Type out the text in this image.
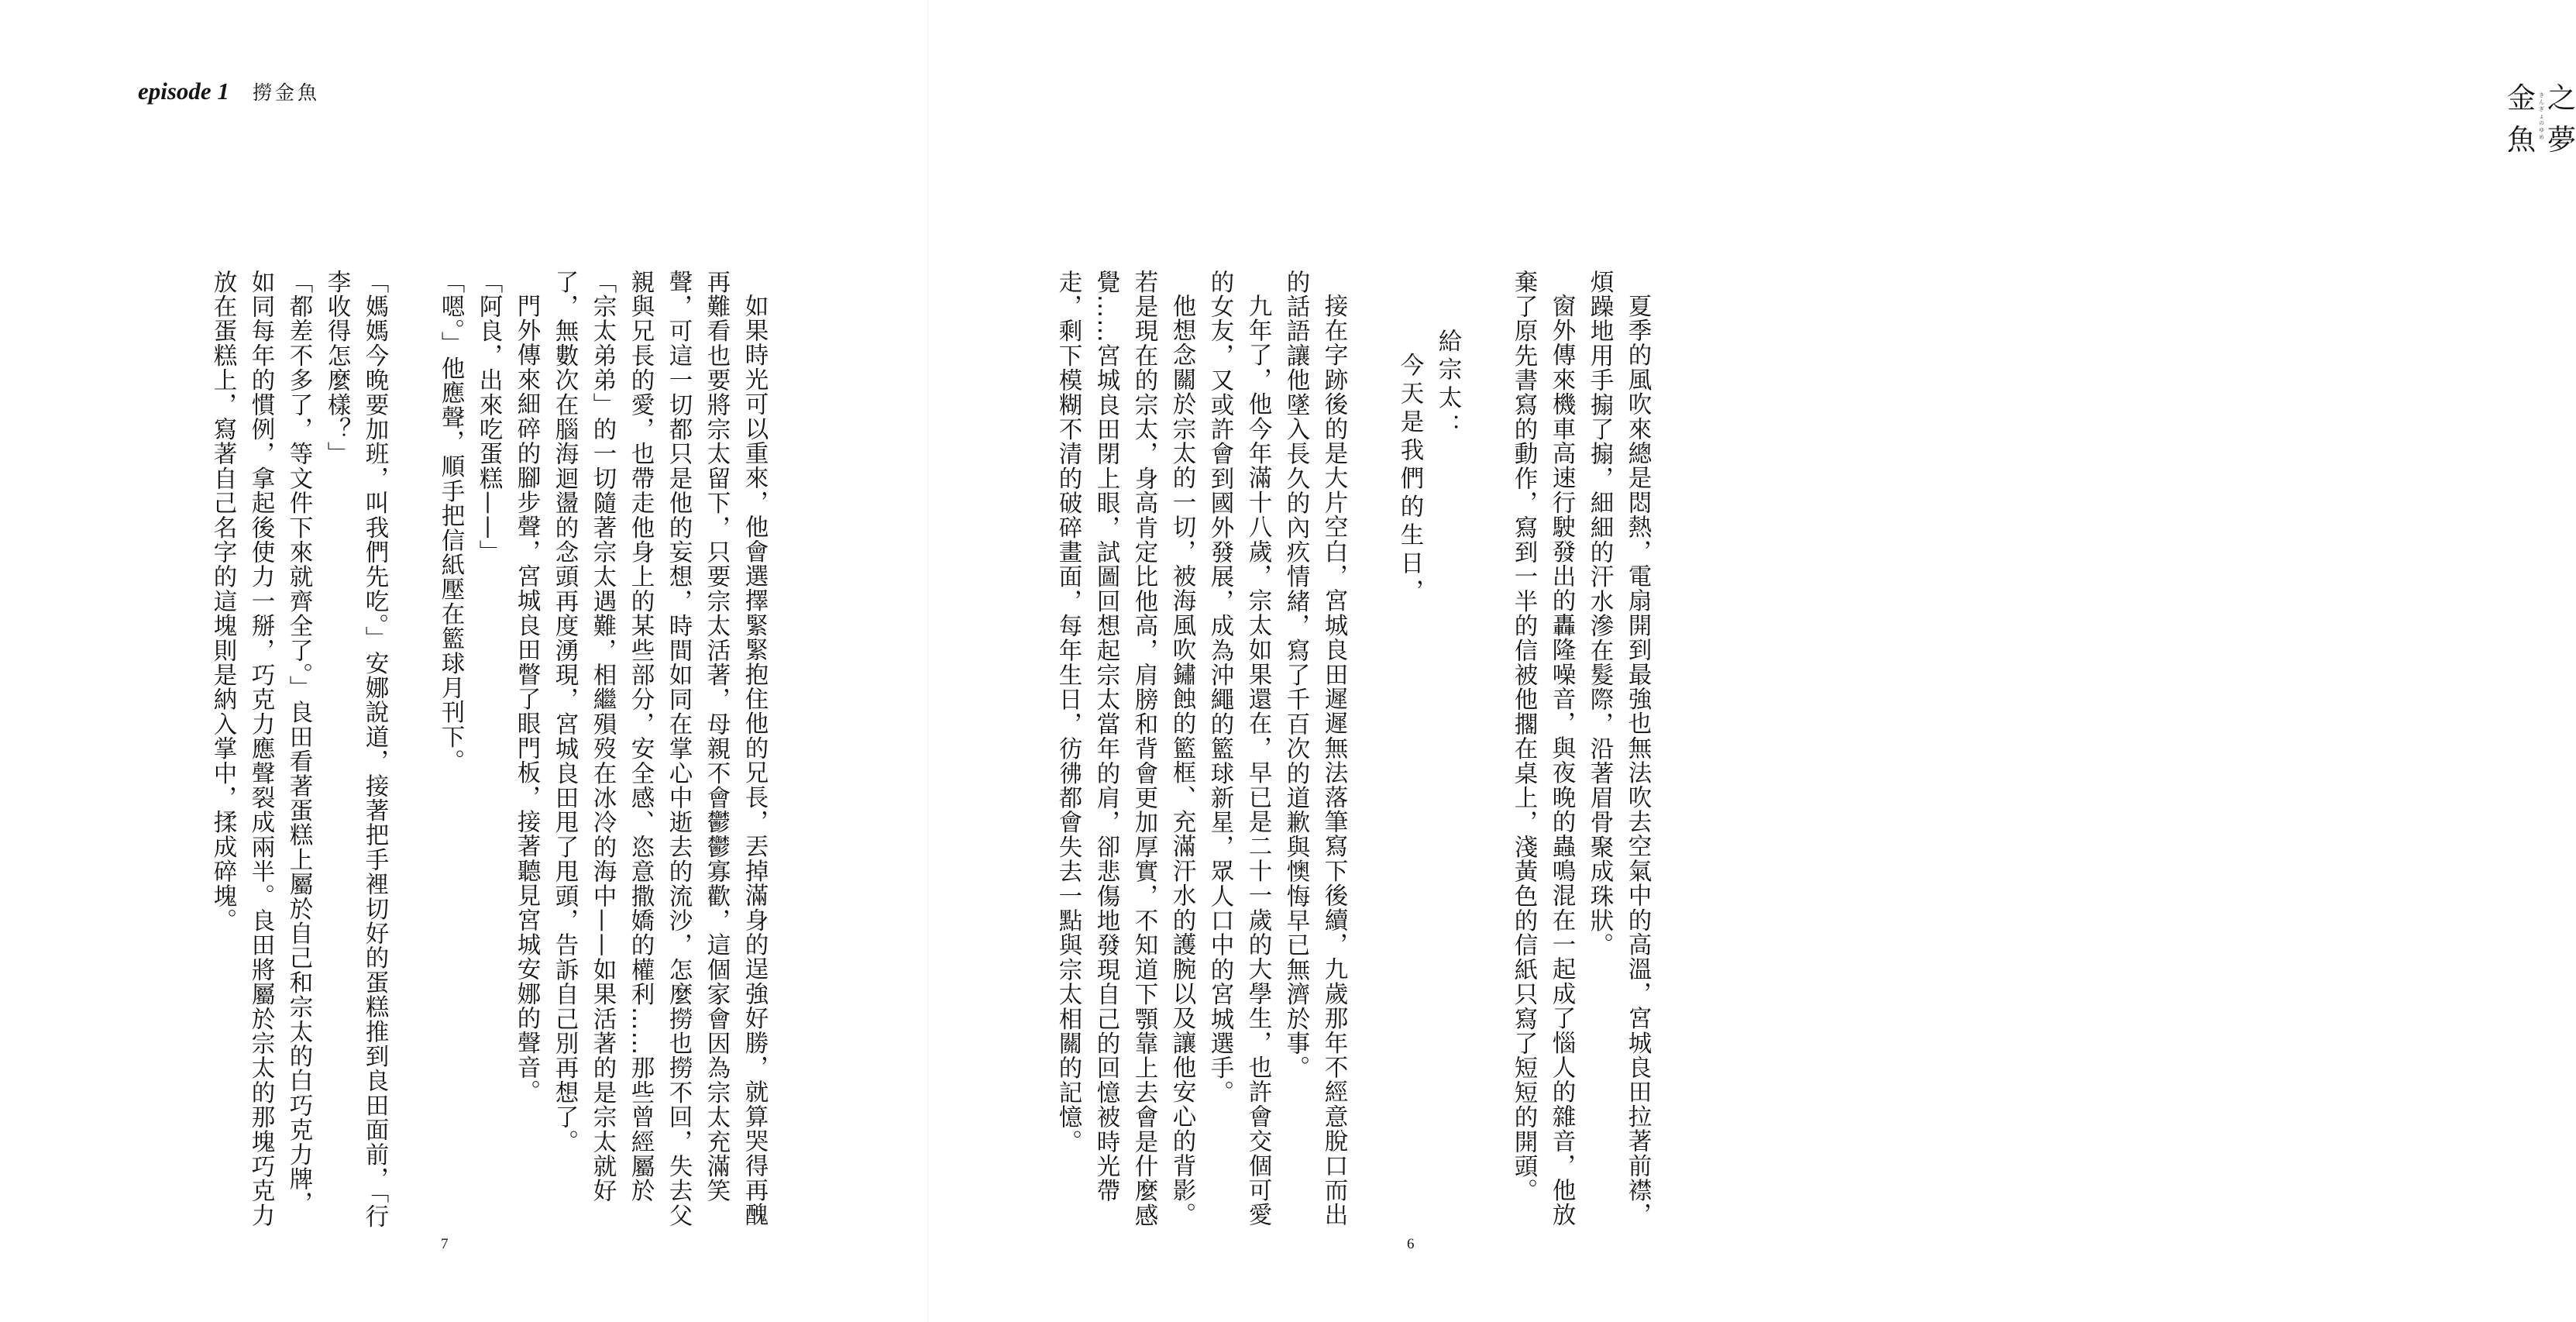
episode 1 撈金魚

如果時光可以重來，他會選擇緊緊抱住他的兄長，丟掉滿身的逞強好勝，就算哭得再醜再難看也要將宗太留下，只要宗太活著，母親不會鬱鬱寡歡，這個家會因為宗太充滿笑聲，可這一切都只是他的妄想，時間如同在掌心中逝去的流沙，怎麼撈也撈不回，失去父親與兄長的愛，也帶走他身上的某些部分，安全感、恣意撒嬌的權利……那些曾經屬於「宗太弟弟」的一切隨著宗太遇難，相繼殞歿在冰冷的海中——如果活著的是宗太就好了，無數次在腦海迴盪的念頭再度湧現，宮城良田甩了甩頭，告訴自己別再想了。

門外傳來細碎的腳步聲，宮城良田瞥了眼門板，接著聽見宮城安娜的聲音。

「阿良，出來吃蛋糕——」

「嗯。」他應聲，順手把信紙壓在籃球月刊下。

「媽媽今晚要加班，叫我們先吃。」安娜說道，接著把手裡切好的蛋糕推到良田面前，「行李收得怎麼樣？」

「都差不多了，等文件下來就齊全了。」良田看著蛋糕上屬於自己和宗太的白巧克力牌，如同每年的慣例，拿起後使力一掰，巧克力應聲裂成兩半。良田將屬於宗太的那塊巧克力放在蛋糕上，寫著自己名字的這塊則是納入掌中，揉成碎塊。

7
金魚
きんぎょ
の ゆめ
之夢

夏季的風吹來總是悶熱，電扇開到最強也無法吹去空氣中的高溫，宮城良田拉著前襟，煩躁地用手搧了搧，細細的汗水滲在髮際，沿著眉骨聚成珠狀。

窗外傳來機車高速行駛發出的轟隆噪音，與夜晚的蟲鳴混在一起成了惱人的雜音，他放棄了原先書寫的動作，寫到一半的信被他擱在桌上，淺黃色的信紙只寫了短短的開頭。

給宗太：

今天是我們的生日，

接在字跡後的是大片空白，宮城良田遲遲無法落筆寫下後續，九歲那年不經意脫口而出的話語讓他墜入長久的內疚情緒，寫了千百次的道歉與懊悔早已無濟於事。

九年了，他今年滿十八歲，宗太如果還在，早已是二十一歲的大學生，也許會交個可愛的女友，又或許會到國外發展，成為沖繩的籃球新星，眾人口中的宮城選手。

他想念關於宗太的一切，被海風吹鏽蝕的籃框、充滿汗水的護腕以及讓他安心的背影。若是現在的宗太，身高肯定比他高，肩膀和背會更加厚實，不知道下顎靠上去會是什麼感覺……宮城良田閉上眼，試圖回想起宗太當年的肩，卻悲傷地發現自己的回憶被時光帶走，剩下模糊不清的破碎畫面，每年生日，彷彿都會失去一點與宗太相關的記憶。

6
